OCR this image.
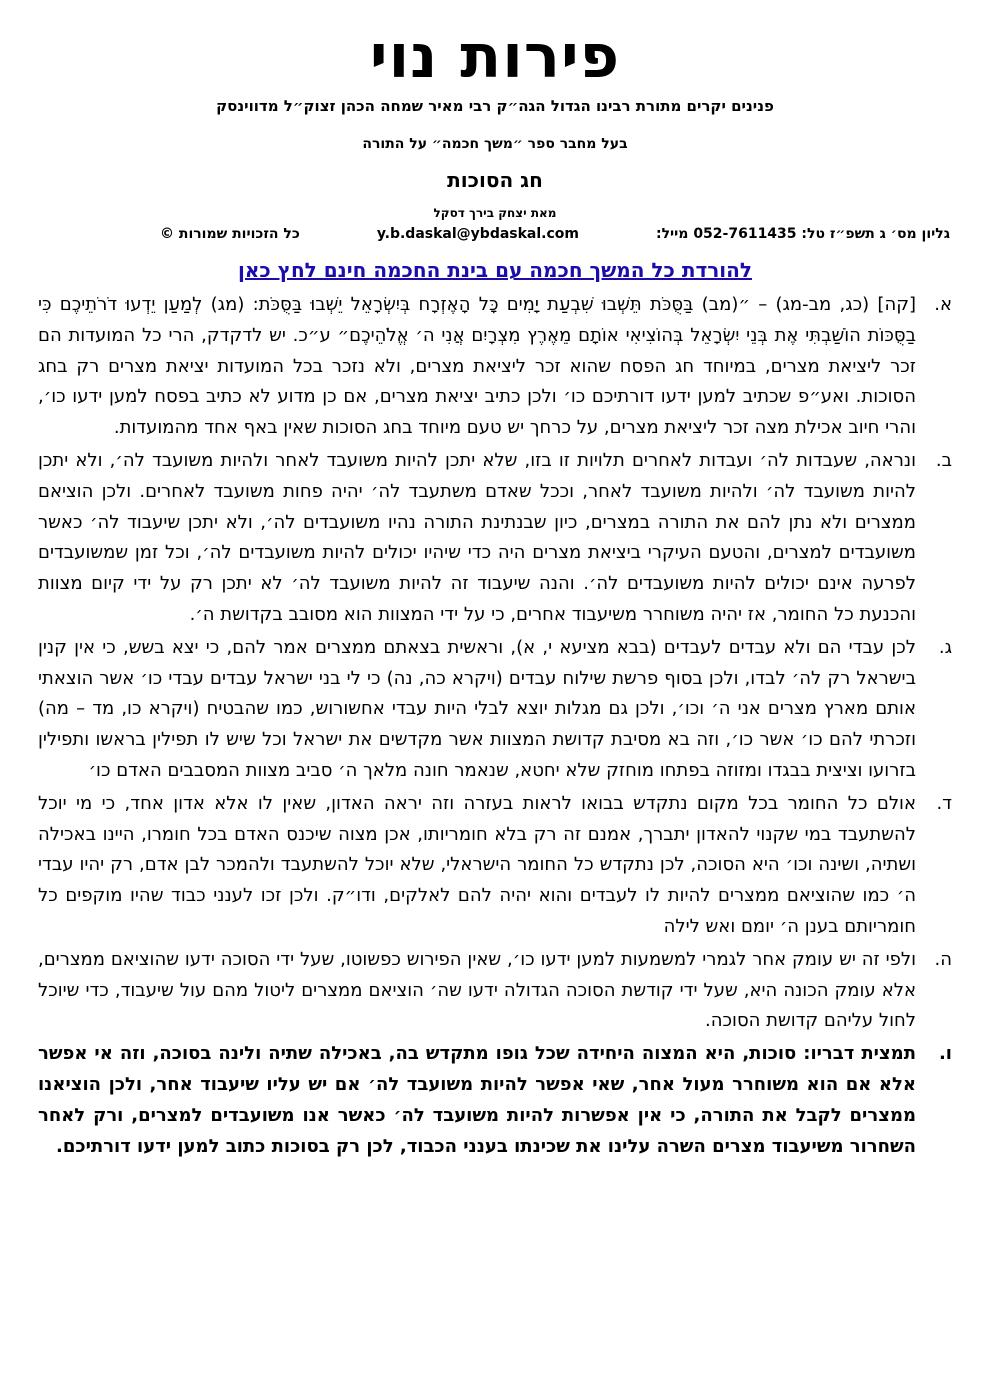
פירות נוי
פנינים יקרים מתורת רבינו הגדול הגה״ק רבי מאיר שמחה הכהן זצוק״ל מדווינסק
בעל מחבר ספר ״משך חכמה״ על התורה
חג הסוכות
מאת יצחק בירך דסקל
גליון מס׳ ג תשפ״ז טל: 052-7611435 מייל:
y.b.daskal@ybdaskal.com
כל הזכויות שמורות ©
להורדת כל המשך חכמה עם בינת החכמה חינם לחץ כאן
א.
[קה] (כג, מב-מג) – ״(מב) בַּסֻּכֹּת תֵּשְׁבוּ שִׁבְעַת יָמִים כָּל הָאֶזְרָח בְּיִשְׂרָאֵל יֵשְׁבוּ בַּסֻּכֹּת: (מג) לְמַעַן יֵדְעוּ דֹרֹתֵיכֶם כִּי בַסֻּכּוֹת הוֹשַׁבְתִּי אֶת בְּנֵי יִשְׂרָאֵל בְּהוֹצִיאִי אוֹתָם מֵאֶרֶץ מִצְרָיִם אֲנִי ה׳ אֱלֹהֵיכֶם״ ע״כ. יש לדקדק, הרי כל המועדות הם זכר ליציאת מצרים, במיוחד חג הפסח שהוא זכר ליציאת מצרים, ולא נזכר בכל המועדות יציאת מצרים רק בחג הסוכות. ואע״פ שכתיב למען ידעו דורתיכם כו׳ ולכן כתיב יציאת מצרים, אם כן מדוע לא כתיב בפסח למען ידעו כו׳, והרי חיוב אכילת מצה זכר ליציאת מצרים, על כרחך יש טעם מיוחד בחג הסוכות שאין באף אחד מהמועדות.
ב.
ונראה, שעבדות לה׳ ועבדות לאחרים תלויות זו בזו, שלא יתכן להיות משועבד לאחר ולהיות משועבד לה׳, ולא יתכן להיות משועבד לה׳ ולהיות משועבד לאחר, וככל שאדם משתעבד לה׳ יהיה פחות משועבד לאחרים. ולכן הוציאם ממצרים ולא נתן להם את התורה במצרים, כיון שבנתינת התורה נהיו משועבדים לה׳, ולא יתכן שיעבוד לה׳ כאשר משועבדים למצרים, והטעם העיקרי ביציאת מצרים היה כדי שיהיו יכולים להיות משועבדים לה׳, וכל זמן שמשועבדים לפרעה אינם יכולים להיות משועבדים לה׳. והנה שיעבוד זה להיות משועבד לה׳ לא יתכן רק על ידי קיום מצוות והכנעת כל החומר, אז יהיה משוחרר משיעבוד אחרים, כי על ידי המצוות הוא מסובב בקדושת ה׳.
ג.
לכן עבדי הם ולא עבדים לעבדים (בבא מציעא י, א), וראשית בצאתם ממצרים אמר להם, כי יצא בשש, כי אין קנין בישראל רק לה׳ לבדו, ולכן בסוף פרשת שילוח עבדים (ויקרא כה, נה) כי לי בני ישראל עבדים עבדי כו׳ אשר הוצאתי אותם מארץ מצרים אני ה׳ וכו׳, ולכן גם מגלות יוצא לבלי היות עבדי אחשורוש, כמו שהבטיח (ויקרא כו, מד – מה) וזכרתי להם כו׳ אשר כו׳, וזה בא מסיבת קדושת המצוות אשר מקדשים את ישראל וכל שיש לו תפילין בראשו ותפילין בזרועו וציצית בבגדו ומזוזה בפתחו מוחזק שלא יחטא, שנאמר חונה מלאך ה׳ סביב מצוות המסבבים האדם כו׳
ד.
אולם כל החומר בכל מקום נתקדש בבואו לראות בעזרה וזה יראה האדון, שאין לו אלא אדון אחד, כי מי יוכל להשתעבד במי שקנוי להאדון יתברך, אמנם זה רק בלא חומריותו, אכן מצוה שיכנס האדם בכל חומרו, היינו באכילה ושתיה, ושינה וכו׳ היא הסוכה, לכן נתקדש כל החומר הישראלי, שלא יוכל להשתעבד ולהמכר לבן אדם, רק יהיו עבדי ה׳ כמו שהוציאם ממצרים להיות לו לעבדים והוא יהיה להם לאלקים, ודו״ק. ולכן זכו לענני כבוד שהיו מוקפים כל חומריותם בענן ה׳ יומם ואש לילה
ה.
ולפי זה יש עומק אחר לגמרי למשמעות למען ידעו כו׳, שאין הפירוש כפשוטו, שעל ידי הסוכה ידעו שהוציאם ממצרים, אלא עומק הכונה היא, שעל ידי קודשת הסוכה הגדולה ידעו שה׳ הוציאם ממצרים ליטול מהם עול שיעבוד, כדי שיוכל לחול עליהם קדושת הסוכה.
ו.
תמצית דבריו: סוכות, היא המצוה היחידה שכל גופו מתקדש בה, באכילה שתיה ולינה בסוכה, וזה אי אפשר אלא אם הוא משוחרר מעול אחר, שאי אפשר להיות משועבד לה׳ אם יש עליו שיעבוד אחר, ולכן הוציאנו ממצרים לקבל את התורה, כי אין אפשרות להיות משועבד לה׳ כאשר אנו משועבדים למצרים, ורק לאחר השחרור משיעבוד מצרים השרה עלינו את שכינתו בענני הכבוד, לכן רק בסוכות כתוב למען ידעו דורתיכם.
